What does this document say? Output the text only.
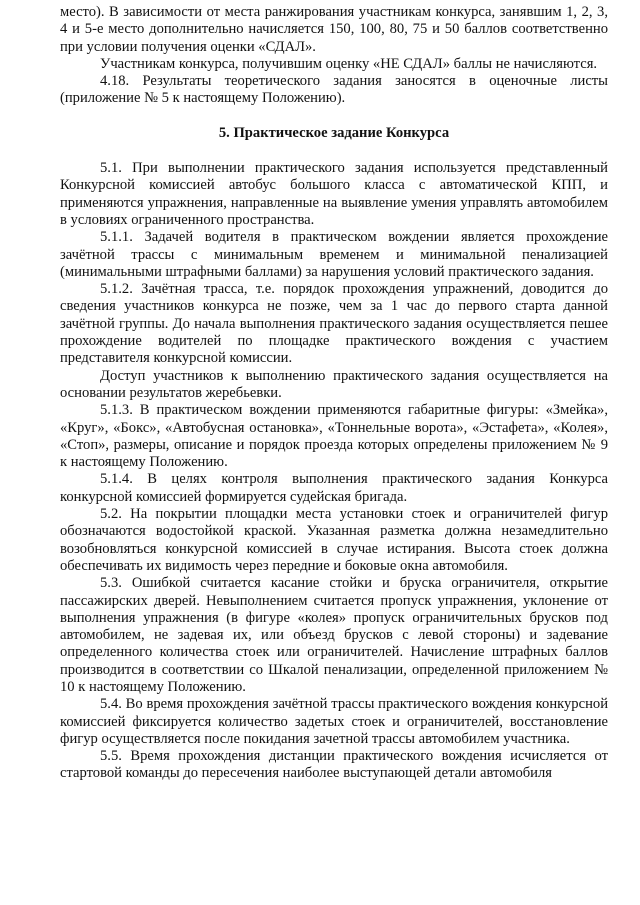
место). В зависимости от места ранжирования участникам конкурса, занявшим 1, 2, 3, 4 и 5-е место дополнительно начисляется 150, 100, 80, 75 и 50 баллов соответственно при условии получения оценки «СДАЛ».

Участникам конкурса, получившим оценку «НЕ СДАЛ» баллы не начисляются.

4.18. Результаты теоретического задания заносятся в оценочные листы (приложение № 5 к настоящему Положению).

5. Практическое задание Конкурса

5.1. При выполнении практического задания используется представленный Конкурсной комиссией автобус большого класса с автоматической КПП, и применяются упражнения, направленные на выявление умения управлять автомобилем в условиях ограниченного пространства.

5.1.1. Задачей водителя в практическом вождении является прохождение зачётной трассы с минимальным временем и минимальной пенализацией (минимальными штрафными баллами) за нарушения условий практического задания.

5.1.2. Зачётная трасса, т.е. порядок прохождения упражнений, доводится до сведения участников конкурса не позже, чем за 1 час до первого старта данной зачётной группы. До начала выполнения практического задания осуществляется пешее прохождение водителей по площадке практического вождения с участием представителя конкурсной комиссии.

Доступ участников к выполнению практического задания осуществляется на основании результатов жеребьевки.

5.1.3. В практическом вождении применяются габаритные фигуры: «Змейка», «Круг», «Бокс», «Автобусная остановка», «Тоннельные ворота», «Эстафета», «Колея», «Стоп», размеры, описание и порядок проезда которых определены приложением № 9 к настоящему Положению.

5.1.4. В целях контроля выполнения практического задания Конкурса конкурсной комиссией формируется судейская бригада.

5.2. На покрытии площадки места установки стоек и ограничителей фигур обозначаются водостойкой краской. Указанная разметка должна незамедлительно возобновляться конкурсной комиссией в случае истирания. Высота стоек должна обеспечивать их видимость через передние и боковые окна автомобиля.

5.3. Ошибкой считается касание стойки и бруска ограничителя, открытие пассажирских дверей. Невыполнением считается пропуск упражнения, уклонение от выполнения упражнения (в фигуре «колея» пропуск ограничительных брусков под автомобилем, не задевая их, или объезд брусков с левой стороны) и задевание определенного количества стоек или ограничителей. Начисление штрафных баллов производится в соответствии со Шкалой пенализации, определенной приложением № 10 к настоящему Положению.

5.4. Во время прохождения зачётной трассы практического вождения конкурсной комиссией фиксируется количество задетых стоек и ограничителей, восстановление фигур осуществляется после покидания зачетной трассы автомобилем участника.

5.5. Время прохождения дистанции практического вождения исчисляется от стартовой команды до пересечения наиболее выступающей детали автомобиля
